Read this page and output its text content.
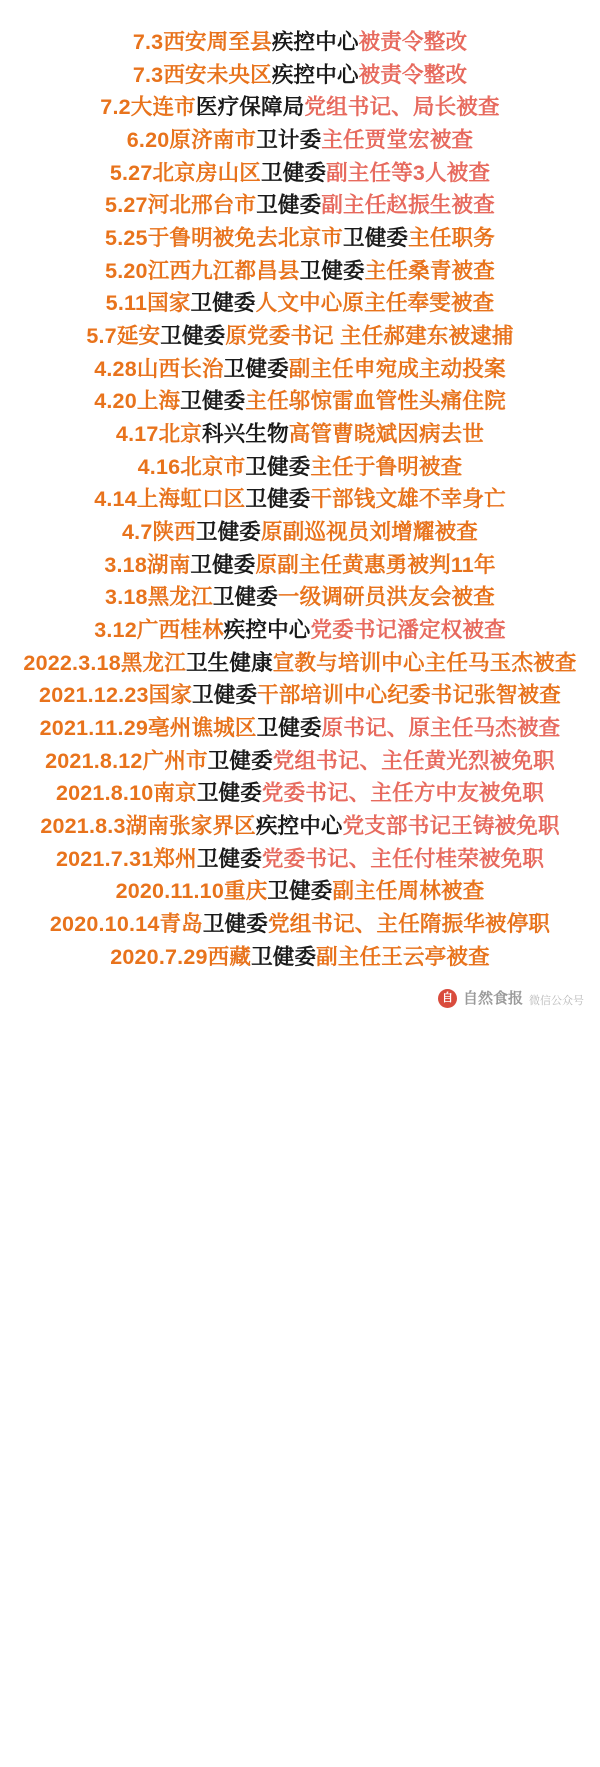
7.3西安周至县疾控中心被责令整改
7.3西安未央区疾控中心被责令整改
7.2大连市医疗保障局党组书记、局长被查
6.20原济南市卫计委主任贾堂宏被查
5.27北京房山区卫健委副主任等3人被查
5.27河北邢台市卫健委副主任赵振生被查
5.25于鲁明被免去北京市卫健委主任职务
5.20江西九江都昌县卫健委主任桑青被查
5.11国家卫健委人文中心原主任奉雯被查
5.7延安卫健委原党委书记 主任郝建东被逮捕
4.28山西长治卫健委副主任申宛成主动投案
4.20上海卫健委主任邬惊雷血管性头痛住院
4.17北京科兴生物高管曹晓斌因病去世
4.16北京市卫健委主任于鲁明被查
4.14上海虹口区卫健委干部钱文雄不幸身亡
4.7陕西卫健委原副巡视员刘增耀被查
3.18湖南卫健委原副主任黄惠勇被判11年
3.18黑龙江卫健委一级调研员洪友会被查
3.12广西桂林疾控中心党委书记潘定权被查
2022.3.18黑龙江卫生健康宣教与培训中心主任马玉杰被查
2021.12.23国家卫健委干部培训中心纪委书记张智被查
2021.11.29亳州谯城区卫健委原书记、原主任马杰被查
2021.8.12广州市卫健委党组书记、主任黄光烈被免职
2021.8.10南京卫健委党委书记、主任方中友被免职
2021.8.3湖南张家界区疾控中心党支部书记王铸被免职
2021.7.31郑州卫健委党委书记、主任付桂荣被免职
2020.11.10重庆卫健委副主任周林被查
2020.10.14青岛卫健委党组书记、主任隋振华被停职
2020.7.29西藏卫健委副主任王云亭被查
自 自然食报 微信公众号
